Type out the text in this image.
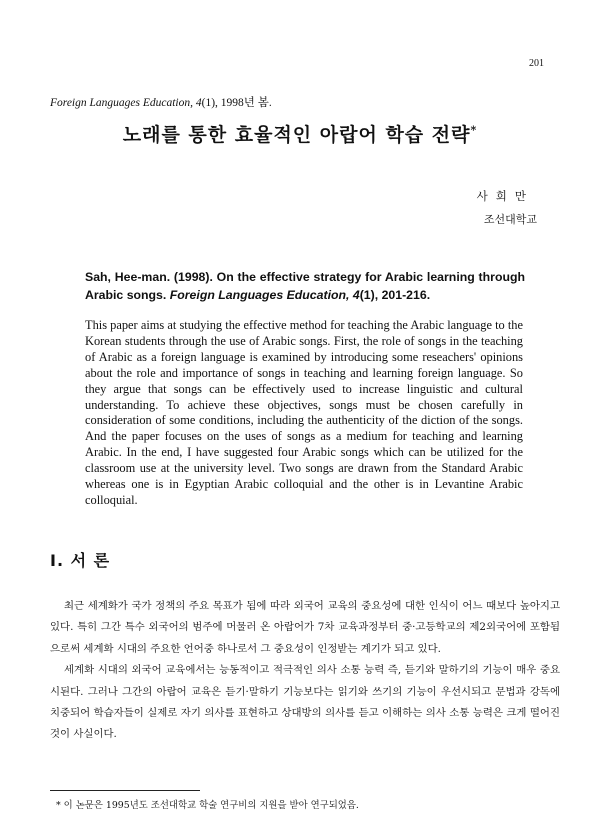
201
Foreign Languages Education, 4(1), 1998년 봄.
노래를 통한 효율적인 아랍어 학습 전략*
사희만
조선대학교
Sah, Hee-man. (1998). On the effective strategy for Arabic learning through Arabic songs. Foreign Languages Education, 4(1), 201-216.

This paper aims at studying the effective method for teaching the Arabic language to the Korean students through the use of Arabic songs. First, the role of songs in the teaching of Arabic as a foreign language is examined by introducing some reseachers' opinions about the role and importance of songs in teaching and learning foreign language. So they argue that songs can be effectively used to increase linguistic and cultural understanding. To achieve these objectives, songs must be chosen carefully in consideration of some conditions, including the authenticity of the diction of the songs. And the paper focuses on the uses of songs as a medium for teaching and learning Arabic. In the end, I have suggested four Arabic songs which can be utilized for the classroom use at the university level. Two songs are drawn from the Standard Arabic whereas one is in Egyptian Arabic colloquial and the other is in Levantine Arabic colloquial.

I. 서 론

최근 세계화가 국가 정책의 주요 목표가 됨에 따라 외국어 교육의 중요성에 대한 인식이 어느 때보다 높아지고 있다. 특히 그간 특수 외국어의 범주에 머물러 온 아랍어가 7차 교육과정부터 중·고등학교의 제2외국어에 포함됨으로써 세계화 시대의 주요한 언어중 하나로서 그 중요성이 인정받는 계기가 되고 있다.

세계화 시대의 외국어 교육에서는 능동적이고 적극적인 의사 소통 능력 즉, 듣기와 말하기의 기능이 매우 중요시된다. 그러나 그간의 아랍어 교육은 듣기·말하기 기능보다는 읽기와 쓰기의 기능이 우선시되고 문법과 강독에 치중되어 학습자들이 실제로 자기 의사를 표현하고 상대방의 의사를 듣고 이해하는 의사 소통 능력은 크게 떨어진 것이 사실이다.

* 이 논문은 1995년도 조선대학교 학술 연구비의 지원을 받아 연구되었음.
